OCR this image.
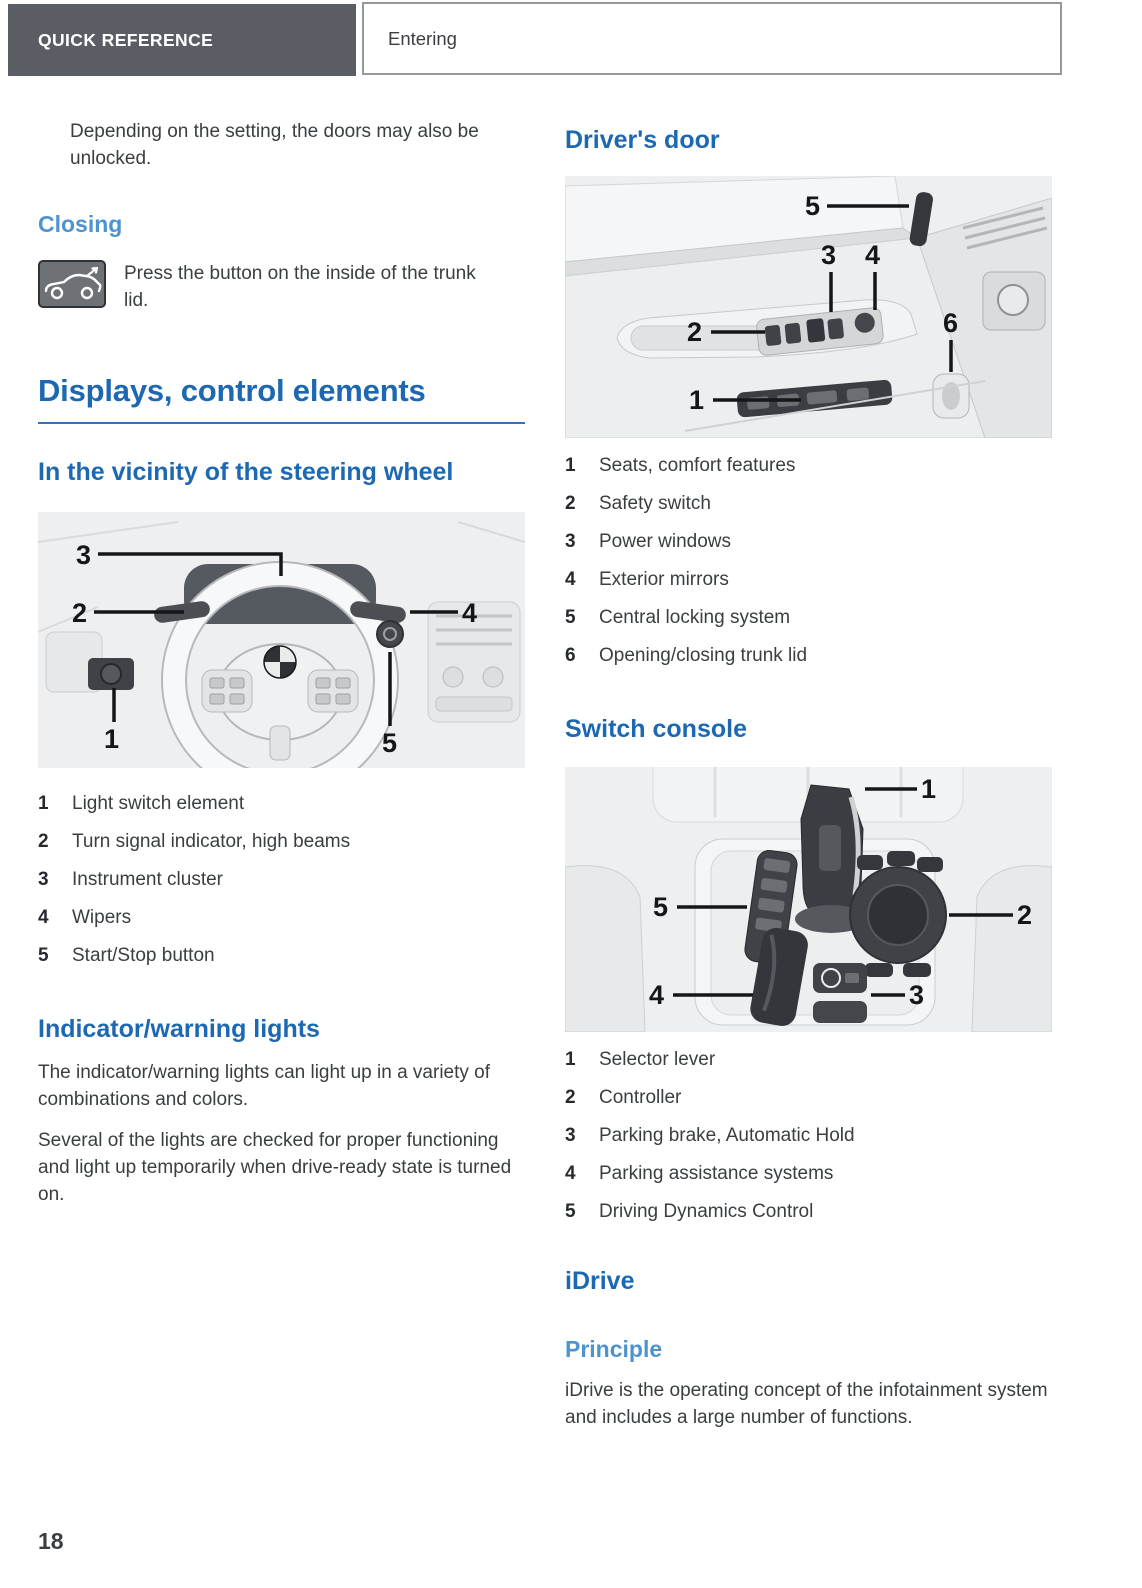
QUICK REFERENCE	Entering

Depending on the setting, the doors may also be unlocked.

Closing

Press the button on the inside of the trunk lid.

Displays, control elements
In the vicinity of the steering wheel
3
2	4
1	5
1	Light switch element
2	Turn signal indicator, high beams
3	Instrument cluster
4	Wipers
5	Start/Stop button
Indicator/warning lights

The indicator/warning lights can light up in a variety of combinations and colors.

Several of the lights are checked for proper functioning and light up temporarily when drive-ready state is turned on.

Driver's door
5
3 4
2	6
1
1	Seats, comfort features
2	Safety switch
3	Power windows
4	Exterior mirrors
5	Central locking system
6	Opening/closing trunk lid
Switch console
1
2
5
4	3
1	Selector lever
2	Controller
3	Parking brake, Automatic Hold
4	Parking assistance systems
5	Driving Dynamics Control
iDrive
Principle

iDrive is the operating concept of the infotainment system and includes a large number of functions.

18
